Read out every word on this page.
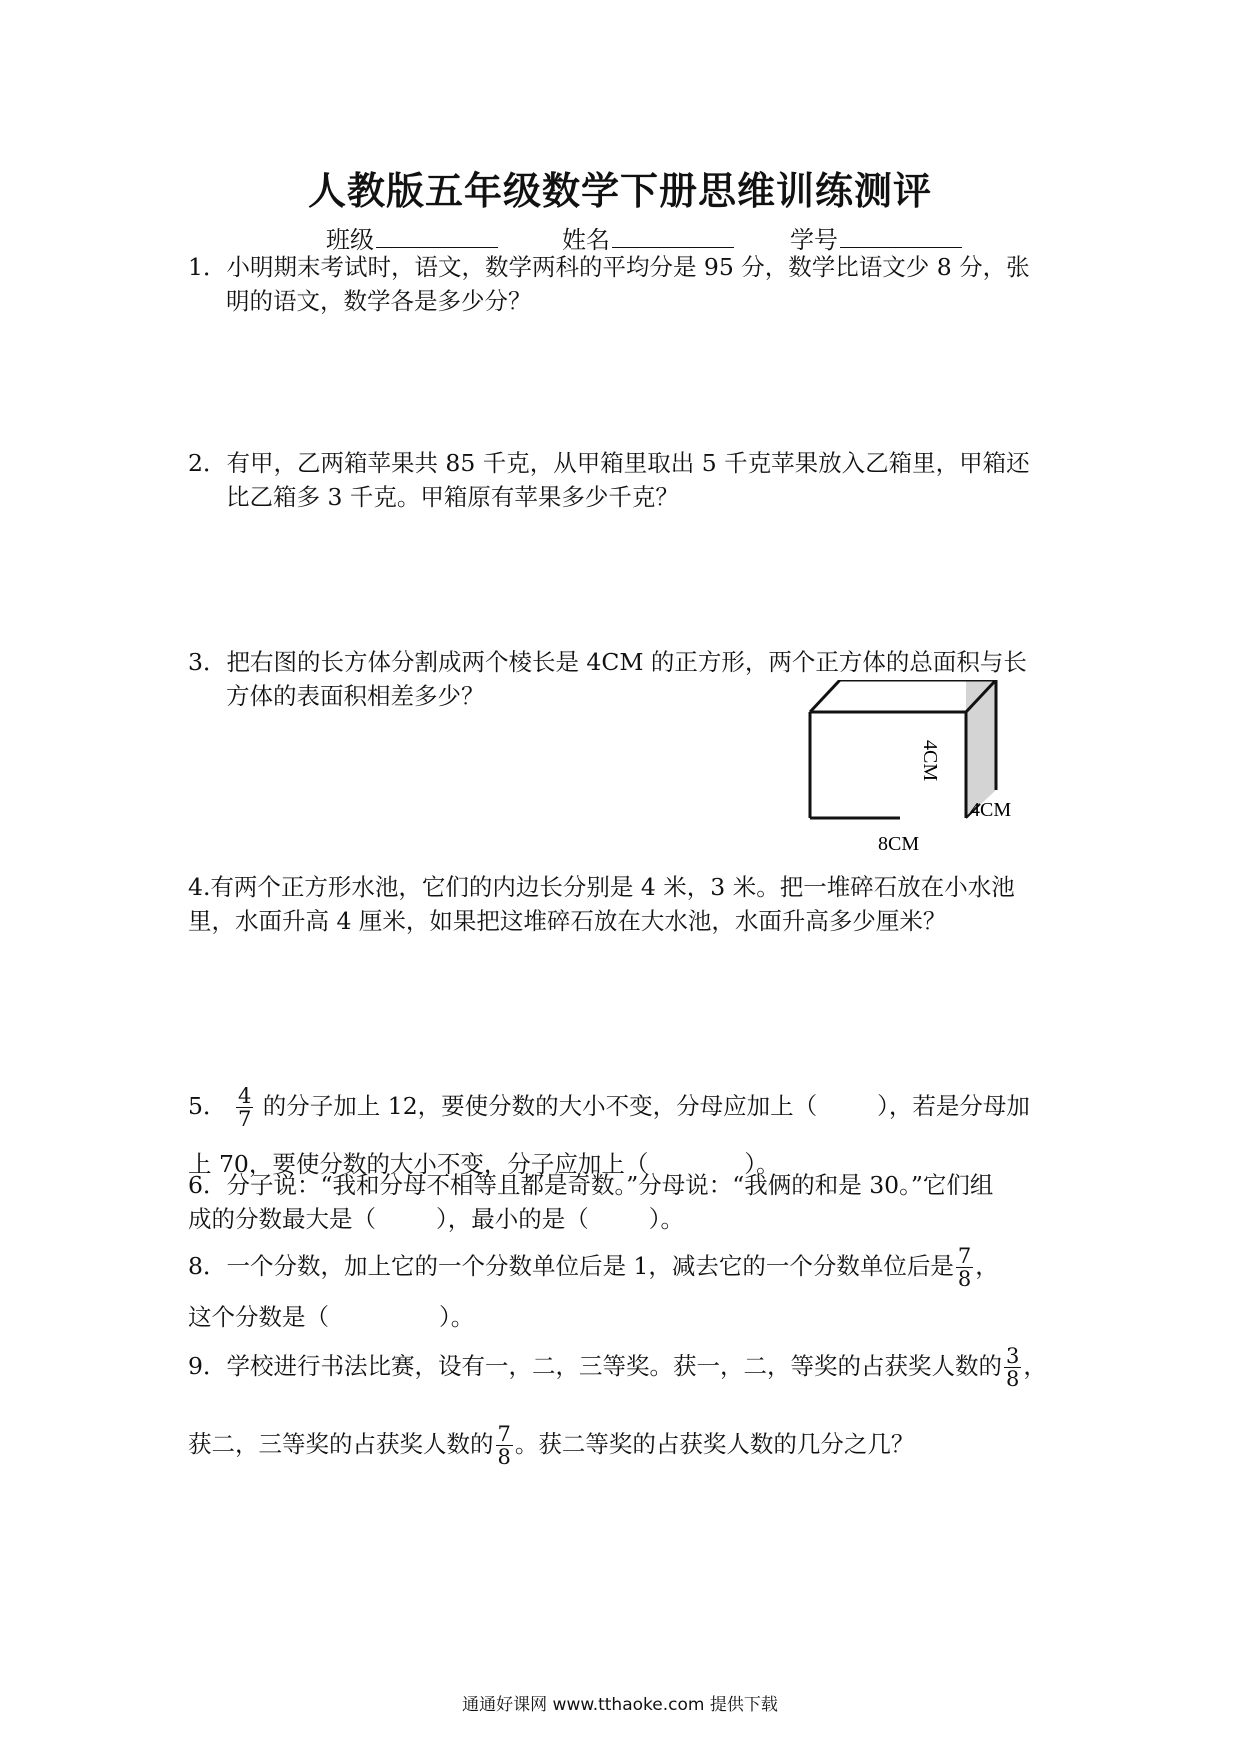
人教版五年级数学下册思维训练测评
班级	姓名	学号
1．小明期末考试时，语文，数学两科的平均分是 95 分，数学比语文少 8 分，张
明的语文，数学各是多少分？
2．有甲，乙两箱苹果共 85 千克，从甲箱里取出 5 千克苹果放入乙箱里，甲箱还
比乙箱多 3 千克。甲箱原有苹果多少千克？
3．把右图的长方体分割成两个棱长是 4CM 的正方形，两个正方体的总面积与长
方体的表面积相差多少？
4CM
4CM
8CM
4.有两个正方形水池，它们的内边长分别是 4 米，3 米。把一堆碎石放在小水池
里，水面升高 4 厘米，如果把这堆碎石放在大水池，水面升高多少厘米？
5． $\frac{4}{7}$ 的分子加上 12，要使分数的大小不变，分母应加上（	），若是分母加
上 70，要使分数的大小不变，分子应加上（	）。
6．分子说：“我和分母不相等且都是奇数。”分母说：“我俩的和是 30。”它们组
成的分数最大是（	），最小的是（	）。
8．一个分数，加上它的一个分数单位后是 1，减去它的一个分数单位后是 $\frac{7}{8}$ ，
这个分数是（	）。
9．学校进行书法比赛，设有一，二，三等奖。获一，二，等奖的占获奖人数的 $\frac{3}{8}$ ，
获二，三等奖的占获奖人数的 $\frac{7}{8}$ 。获二等奖的占获奖人数的几分之几？
通通好课网 www.tthaoke.com 提供下载
